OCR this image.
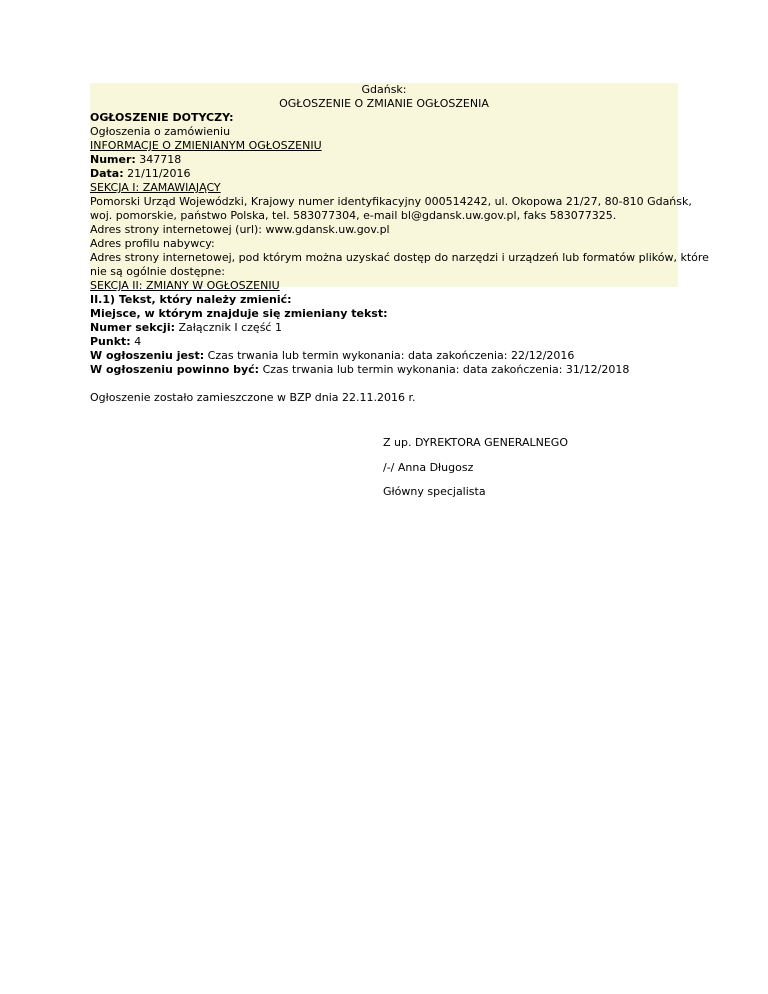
Gdańsk:
OGŁOSZENIE O ZMIANIE OGŁOSZENIA
OGŁOSZENIE DOTYCZY:
Ogłoszenia o zamówieniu
INFORMACJE O ZMIENIANYM OGŁOSZENIU
Numer: 347718
Data: 21/11/2016
SEKCJA I: ZAMAWIAJĄCY
Pomorski Urząd Wojewódzki, Krajowy numer identyfikacyjny 000514242, ul. Okopowa 21/27, 80-810 Gdańsk,
woj. pomorskie, państwo Polska, tel. 583077304, e-mail bl@gdansk.uw.gov.pl, faks 583077325.
Adres strony internetowej (url): www.gdansk.uw.gov.pl
Adres profilu nabywcy:
Adres strony internetowej, pod którym można uzyskać dostęp do narzędzi i urządzeń lub formatów plików, które
nie są ogólnie dostępne:
SEKCJA II: ZMIANY W OGŁOSZENIU
II.1) Tekst, który należy zmienić:
Miejsce, w którym znajduje się zmieniany tekst:
Numer sekcji: Załącznik I część 1
Punkt: 4
W ogłoszeniu jest: Czas trwania lub termin wykonania: data zakończenia: 22/12/2016
W ogłoszeniu powinno być: Czas trwania lub termin wykonania: data zakończenia: 31/12/2018
Ogłoszenie zostało zamieszczone w BZP dnia 22.11.2016 r.
Z up. DYREKTORA GENERALNEGO
/-/ Anna Długosz
Główny specjalista
